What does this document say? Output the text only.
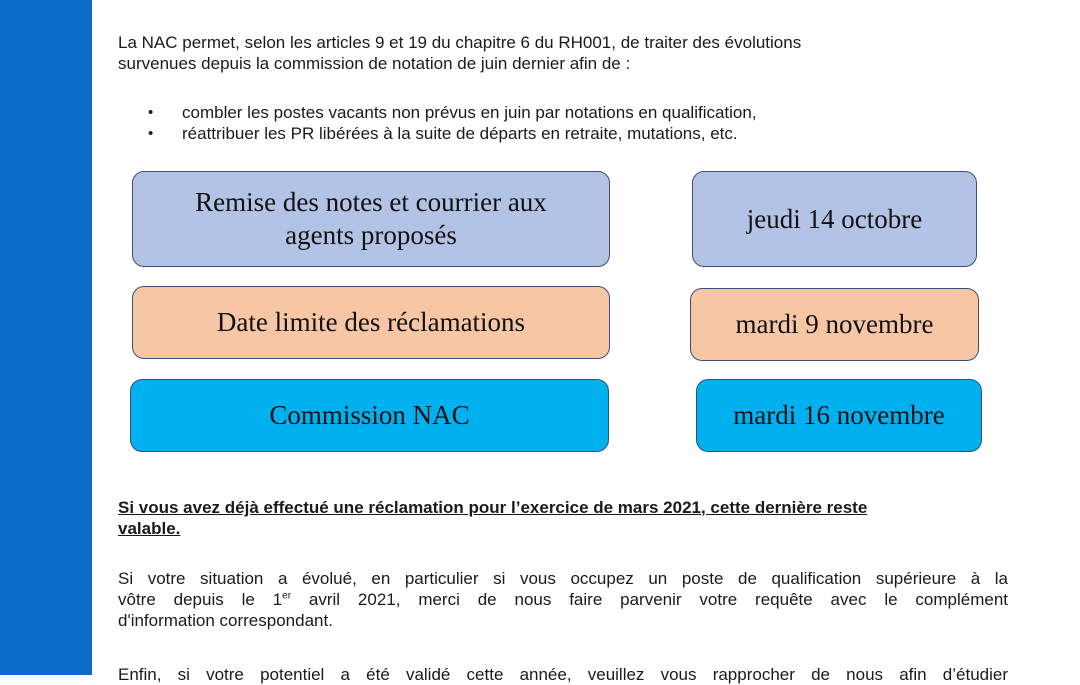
La NAC permet, selon les articles 9 et 19 du chapitre 6 du RH001, de traiter des évolutions
survenues depuis la commission de notation de juin dernier afin de :

• combler les postes vacants non prévus en juin par notations en qualification,
• réattribuer les PR libérées à la suite de départs en retraite, mutations, etc.
Remise des notes et courrier aux
agents proposés
jeudi 14 octobre
Date limite des réclamations	mardi 9 novembre
Commission NAC	mardi 16 novembre

Si vous avez déjà effectué une réclamation pour l’exercice de mars 2021, cette dernière reste
valable.

Si votre situation a évolué, en particulier si vous occupez un poste de qualification supérieure à la
vôtre depuis le 1er avril 2021, merci de nous faire parvenir votre requête avec le complément
d'information correspondant.

Enfin, si votre potentiel a été validé cette année, veuillez vous rapprocher de nous afin d’étudier
